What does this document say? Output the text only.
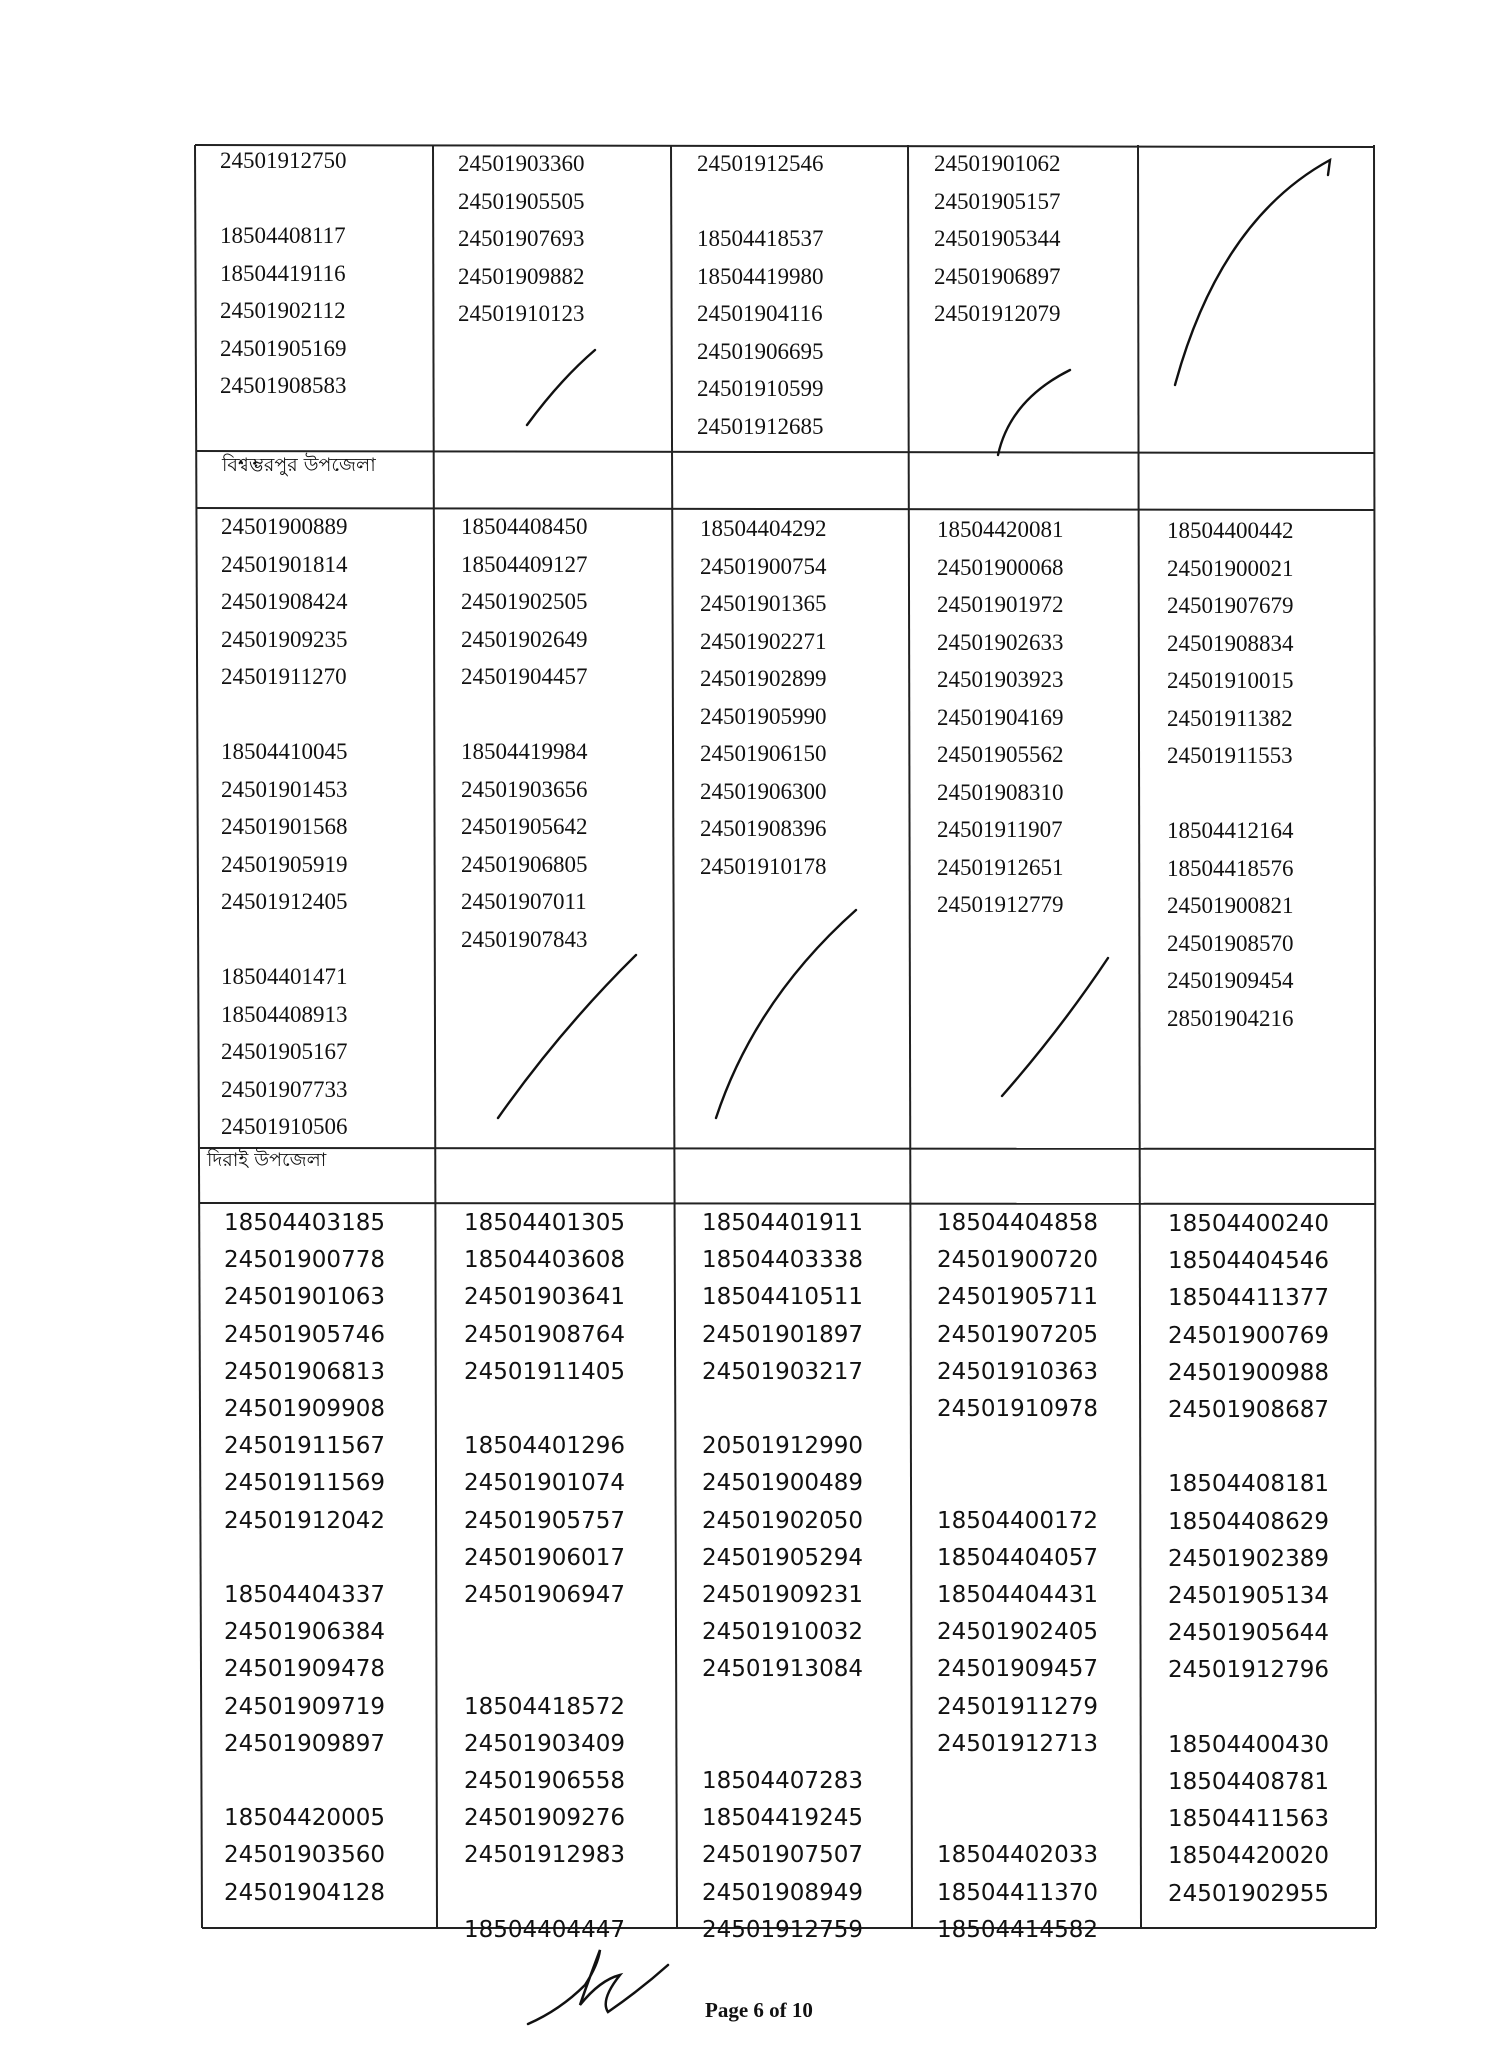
24501912750

18504408117
18504419116
24501902112
24501905169
24501908583
24501903360
24501905505
24501907693
24501909882
24501910123
24501912546

18504418537
18504419980
24501904116
24501906695
24501910599
24501912685
24501901062
24501905157
24501905344
24501906897
24501912079
বিশ্বম্ভরপুর উপজেলা
24501900889
24501901814
24501908424
24501909235
24501911270

18504410045
24501901453
24501901568
24501905919
24501912405

18504401471
18504408913
24501905167
24501907733
24501910506
18504408450
18504409127
24501902505
24501902649
24501904457

18504419984
24501903656
24501905642
24501906805
24501907011
24501907843
18504404292
24501900754
24501901365
24501902271
24501902899
24501905990
24501906150
24501906300
24501908396
24501910178
18504420081
24501900068
24501901972
24501902633
24501903923
24501904169
24501905562
24501908310
24501911907
24501912651
24501912779
18504400442
24501900021
24501907679
24501908834
24501910015
24501911382
24501911553

18504412164
18504418576
24501900821
24501908570
24501909454
28501904216
দিরাই উপজেলা
18504403185
24501900778
24501901063
24501905746
24501906813
24501909908
24501911567
24501911569
24501912042

18504404337
24501906384
24501909478
24501909719
24501909897

18504420005
24501903560
24501904128
18504401305
18504403608
24501903641
24501908764
24501911405

18504401296
24501901074
24501905757
24501906017
24501906947

18504418572
24501903409
24501906558
24501909276
24501912983

18504404447
18504401911
18504403338
18504410511
24501901897
24501903217

20501912990
24501900489
24501902050
24501905294
24501909231
24501910032
24501913084

18504407283
18504419245
24501907507
24501908949
24501912759
18504404858
24501900720
24501905711
24501907205
24501910363
24501910978

18504400172
18504404057
18504404431
24501902405
24501909457
24501911279
24501912713

18504402033
18504411370
18504414582
18504400240
18504404546
18504411377
24501900769
24501900988
24501908687

18504408181
18504408629
24501902389
24501905134
24501905644
24501912796

18504400430
18504408781
18504411563
18504420020
24501902955
Page 6 of 10
